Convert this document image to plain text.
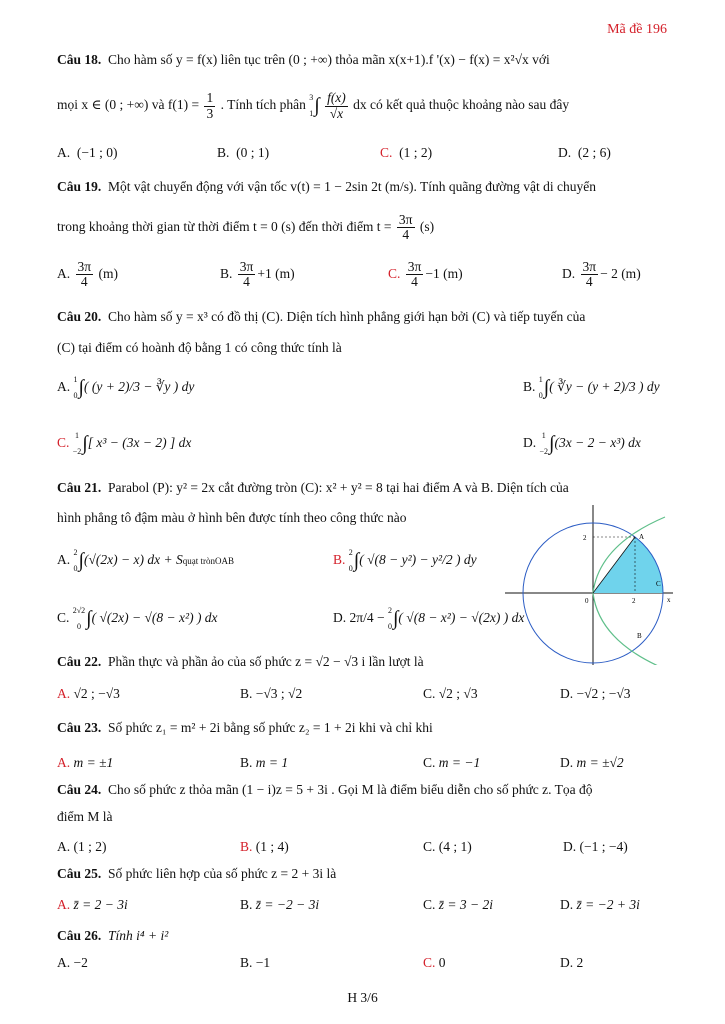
Mã đề 196
Câu 18. Cho hàm số y = f(x) liên tục trên (0 ; +∞) thỏa mãn x(x+1).f '(x) − f(x) = x²√x với
mọi x ∈ (0 ; +∞) và $f(1) = \frac{1}{3}$ . Tính tích phân 3
1 ∫ $\frac{f(x)}{√x}$ dx có kết quả thuộc khoảng nào sau đây
A. (−1 ; 0)	B. (0 ; 1)	C. (1 ; 2)	D. (2 ; 6)
Câu 19. Một vật chuyển động với vận tốc v(t) = 1 − 2sin 2t (m/s). Tính quãng đường vật di chuyển
trong khoảng thời gian từ thời điểm t = 0 (s) đến thời điểm $t = \frac{3\pi}{4} (s)$
A. $\frac{3\pi}{4} (m)$	B. $\frac{3\pi}{4} +1$ (m)	C. $\frac{3\pi}{4} -1$ (m)	D. $\frac{3\pi}{4} - 2$ (m)
Câu 20. Cho hàm số y = x³ có đồ thị (C). Diện tích hình phẳng giới hạn bởi (C) và tiếp tuyến của
(C) tại điểm có hoành độ bằng 1 có công thức tính là
A. 1
0 ∫( (y + 2)/3 − ∛y ) dy	B. 1
0 ∫( ∛y − (y + 2)/3 ) dy
C. 1
−2 ∫[ x³ − (3x − 2) ] dx	D. 1
−2 ∫(3x − 2 − x³) dx
Câu 21. Parabol (P): y² = 2x cắt đường tròn (C): x² + y² = 8 tại hai điểm A và B. Diện tích của
hình phẳng tô đậm màu ở hình bên được tính theo công thức nào
A. 2
0 ∫(√(2x) − x) dx + Squạt trònOAB	B. 2
0 ∫( √(8 − y²) − y²/2 ) dy
C. 2√2
0 ∫( √(2x) − √(8 − x²) ) dx	D. 2π/4 − 2
0 ∫( √(8 − x²) − √(2x) ) dx
2	A
0	2
C
x
B
Câu 22. Phần thực và phần ảo của số phức z = √2 − √3 i lần lượt là
A. √2 ; −√3	B. −√3 ; √2	C. √2 ; √3	D. −√2 ; −√3
Câu 23. Số phức z₁ = m² + 2i bằng số phức z₂ = 1 + 2i khi và chỉ khi
A. m = ±1	B. m = 1	C. m = −1	D. m = ±√2
Câu 24. Cho số phức z thỏa mãn (1 − i)z = 5 + 3i . Gọi M là điểm biểu diễn cho số phức z. Tọa độ
điểm M là
A. (1 ; 2)	B. (1 ; 4)	C. (4 ; 1)	D. (−1 ; −4)
Câu 25. Số phức liên hợp của số phức z = 2 + 3i là
A. z̄ = 2 − 3i	B. z̄ = −2 − 3i	C. z̄ = 3 − 2i	D. z̄ = −2 + 3i
Câu 26. Tính i⁴ + i²
A. −2	B. −1	C. 0	D. 2
H 3/6
